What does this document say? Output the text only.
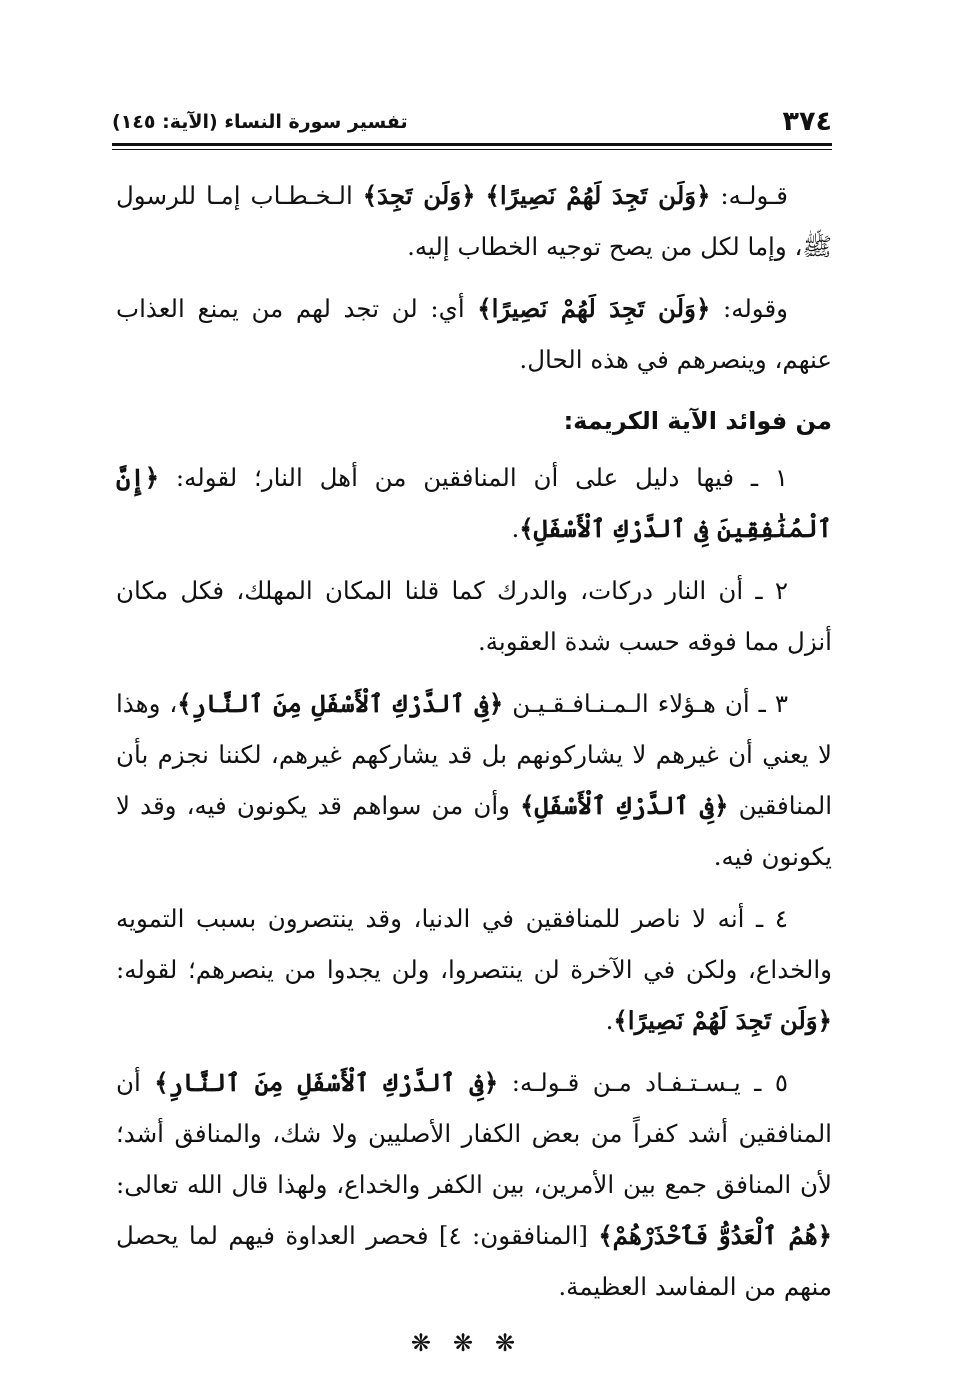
٣٧٤
تفسير سورة النساء (الآية: ١٤٥)

قـولـه: ﴿وَلَن تَجِدَ لَهُمْ نَصِيرًا﴾ ﴿وَلَن تَجِدَ﴾ الـخـطـاب إمـا للرسول ﷺ، وإما لكل من يصح توجيه الخطاب إليه.

وقوله: ﴿وَلَن تَجِدَ لَهُمْ نَصِيرًا﴾ أي: لن تجد لهم من يمنع العذاب عنهم، وينصرهم في هذه الحال.

من فوائد الآية الكريمة:

١ ـ فيها دليل على أن المنافقين من أهل النار؛ لقوله: ﴿إِنَّ ٱلْمُنَٰفِقِينَ فِى ٱلدَّرْكِ ٱلْأَسْفَلِ﴾.

٢ ـ أن النار دركات، والدرك كما قلنا المكان المهلك، فكل مكان أنزل مما فوقه حسب شدة العقوبة.

٣ ـ أن هـؤلاء الـمـنـافـقـيـن ﴿فِى ٱلدَّرْكِ ٱلْأَسْفَلِ مِنَ ٱلنَّارِ﴾، وهذا لا يعني أن غيرهم لا يشاركونهم بل قد يشاركهم غيرهم، لكننا نجزم بأن المنافقين ﴿فِى ٱلدَّرْكِ ٱلْأَسْفَلِ﴾ وأن من سواهم قد يكونون فيه، وقد لا يكونون فيه.

٤ ـ أنه لا ناصر للمنافقين في الدنيا، وقد ينتصرون بسبب التمويه والخداع، ولكن في الآخرة لن ينتصروا، ولن يجدوا من ينصرهم؛ لقوله: ﴿وَلَن تَجِدَ لَهُمْ نَصِيرًا﴾.

٥ ـ يـسـتـفـاد مـن قـولـه: ﴿فِى ٱلدَّرْكِ ٱلْأَسْفَلِ مِنَ ٱلنَّارِ﴾ أن المنافقين أشد كفراً من بعض الكفار الأصليين ولا شك، والمنافق أشد؛ لأن المنافق جمع بين الأمرين، بين الكفر والخداع، ولهذا قال الله تعالى: ﴿هُمُ ٱلْعَدُوُّ فَٱحْذَرْهُمْ﴾ [المنافقون: ٤] فحصر العداوة فيهم لما يحصل منهم من المفاسد العظيمة.

❋❋❋
